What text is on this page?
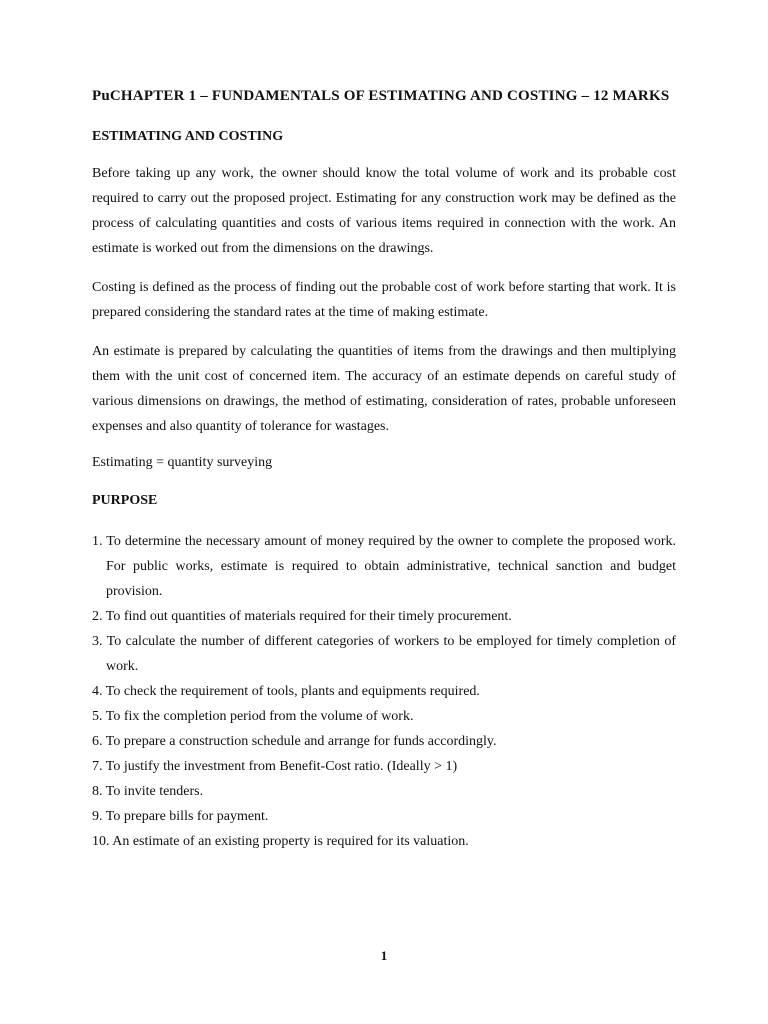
PuCHAPTER 1 – FUNDAMENTALS OF ESTIMATING AND COSTING – 12 MARKS
ESTIMATING AND COSTING

Before taking up any work, the owner should know the total volume of work and its probable cost required to carry out the proposed project. Estimating for any construction work may be defined as the process of calculating quantities and costs of various items required in connection with the work. An estimate is worked out from the dimensions on the drawings.

Costing is defined as the process of finding out the probable cost of work before starting that work. It is prepared considering the standard rates at the time of making estimate.

An estimate is prepared by calculating the quantities of items from the drawings and then multiplying them with the unit cost of concerned item. The accuracy of an estimate depends on careful study of various dimensions on drawings, the method of estimating, consideration of rates, probable unforeseen expenses and also quantity of tolerance for wastages.

Estimating = quantity surveying

PURPOSE
1. To determine the necessary amount of money required by the owner to complete the proposed work. For public works, estimate is required to obtain administrative, technical sanction and budget provision.
2. To find out quantities of materials required for their timely procurement.
3. To calculate the number of different categories of workers to be employed for timely completion of work.
4. To check the requirement of tools, plants and equipments required.
5. To fix the completion period from the volume of work.
6. To prepare a construction schedule and arrange for funds accordingly.
7. To justify the investment from Benefit-Cost ratio. (Ideally > 1)
8. To invite tenders.
9. To prepare bills for payment.
10. An estimate of an existing property is required for its valuation.
1
